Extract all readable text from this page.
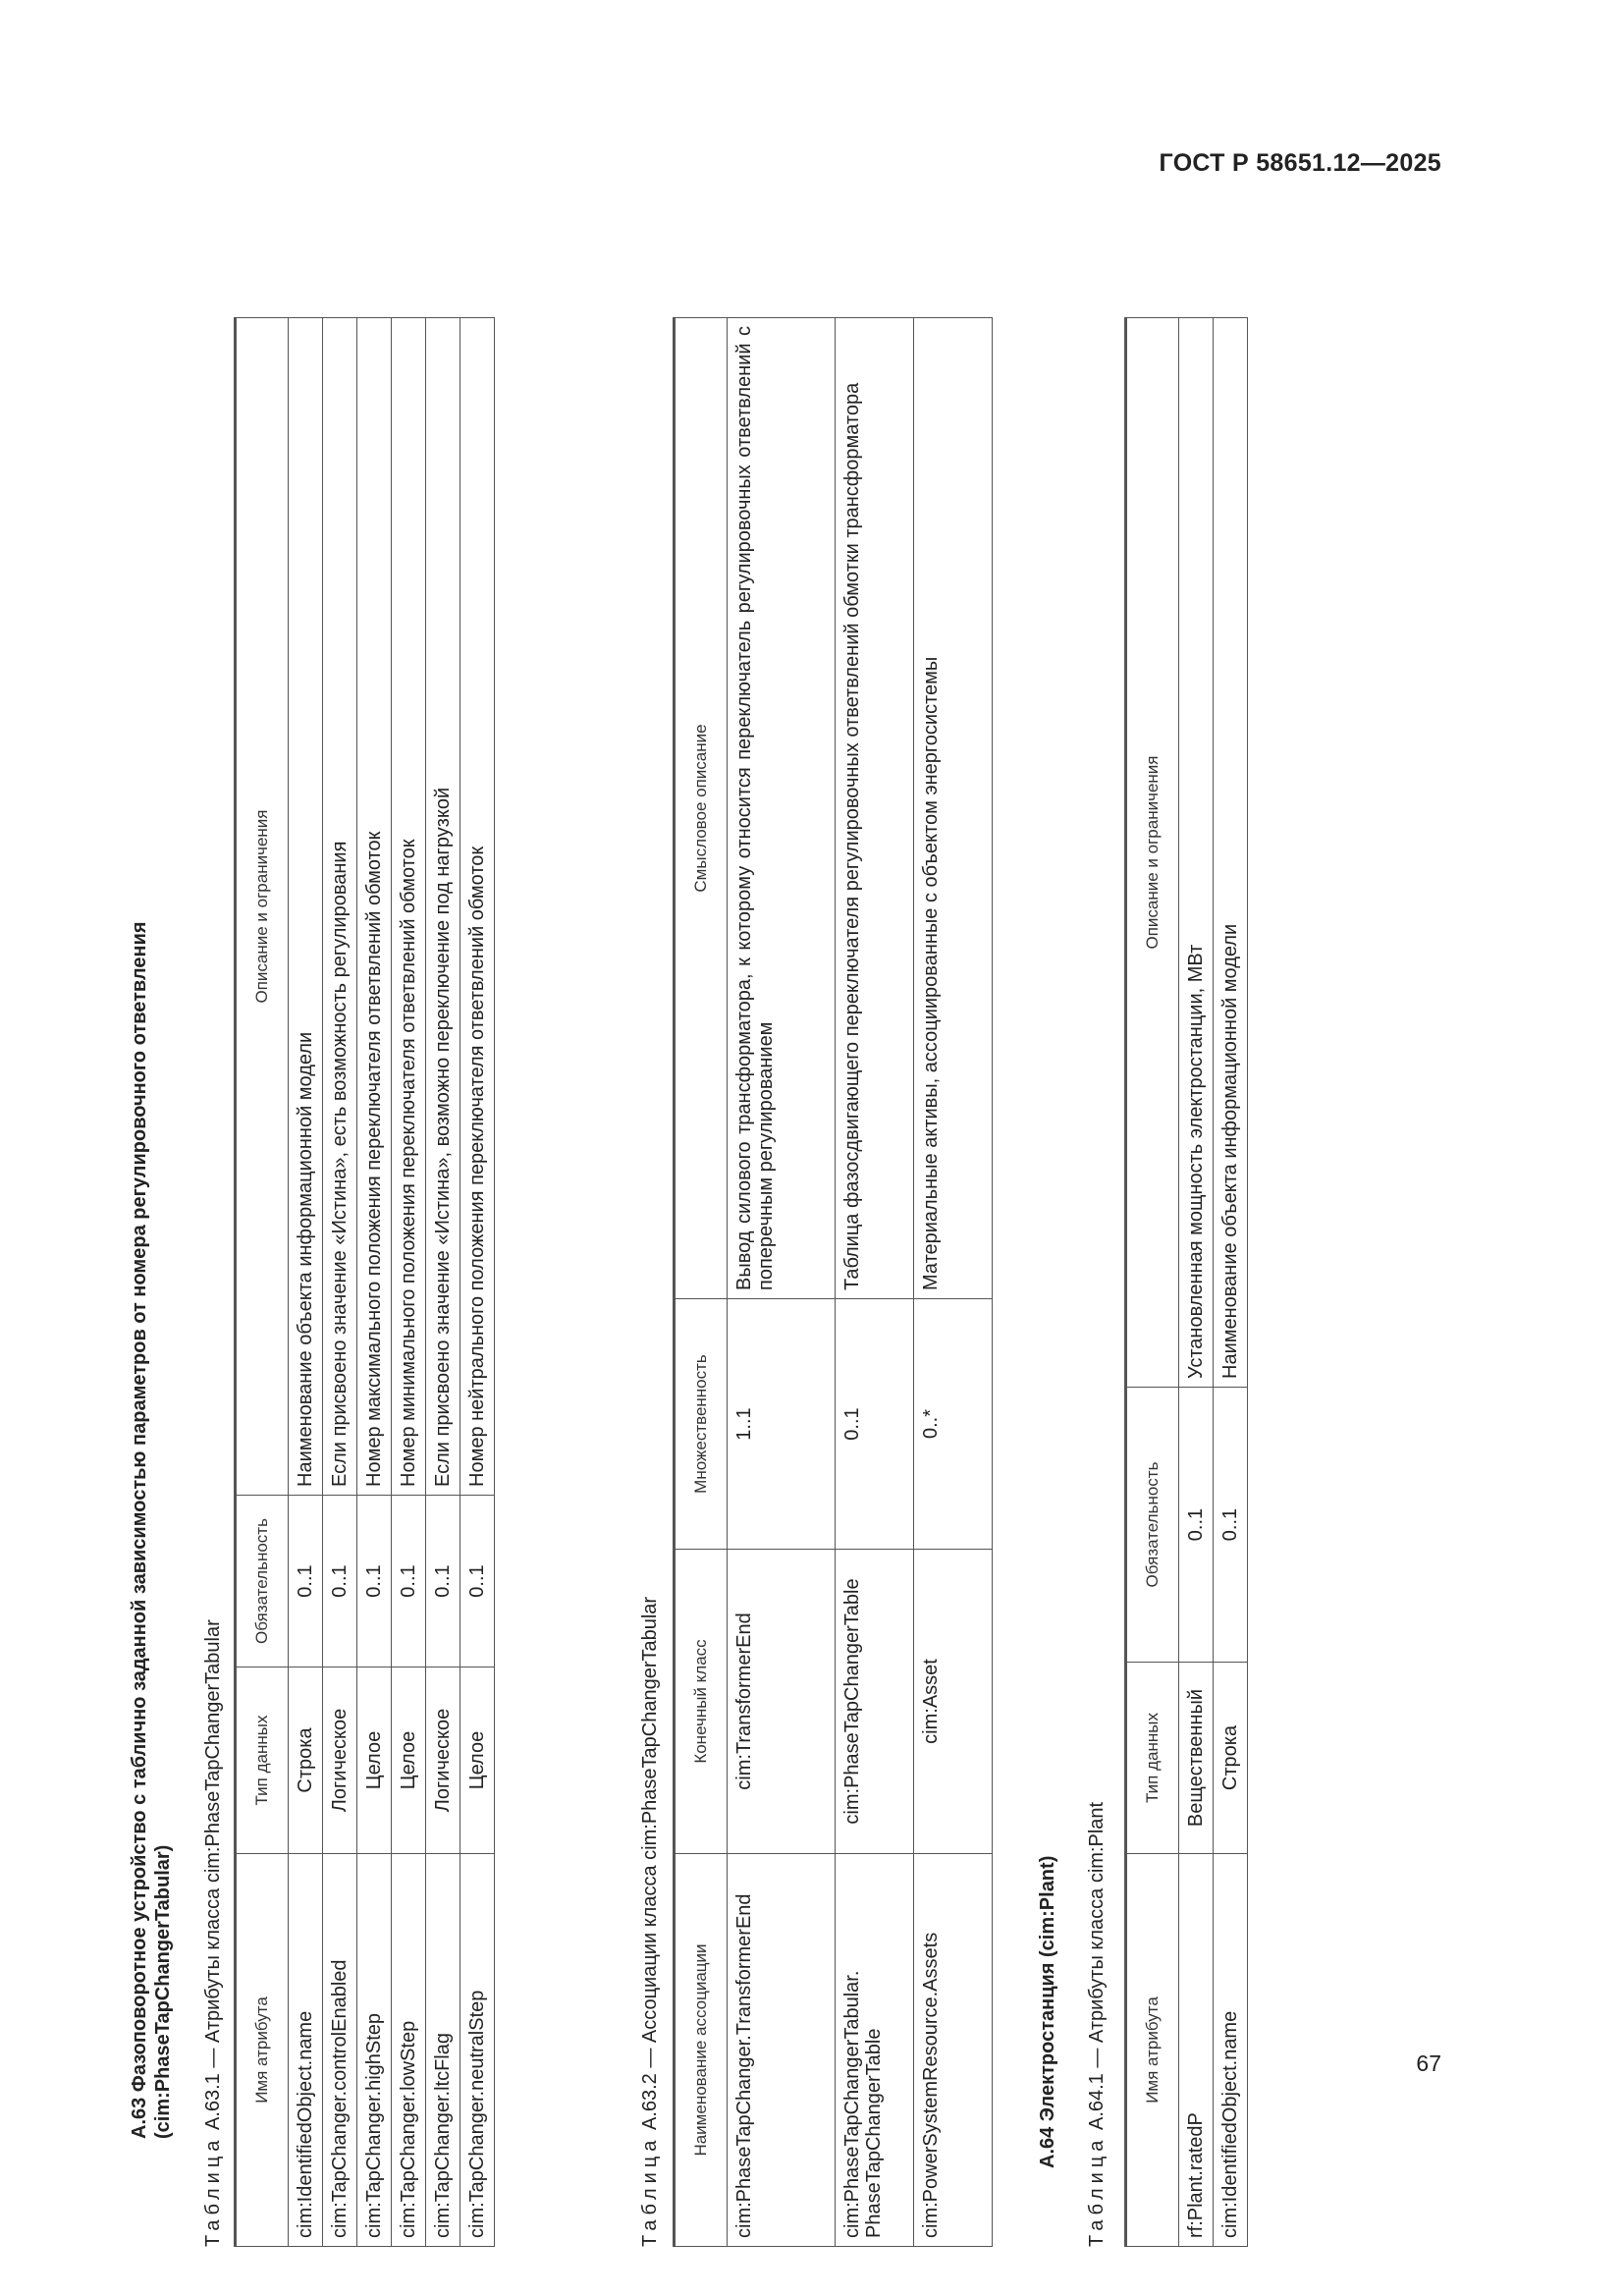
ГОСТ Р 58651.12—2025
А.63 Фазоповоротное устройство с таблично заданной зависимостью параметров от номера регулировочного ответвления (cim:PhaseTapChangerTabular)
Таблица А.63.1 — Атрибуты класса cim:PhaseTapChangerTabular Имя атрибута	Тип данных	Обязательность	Описание и ограничения
cim:IdentifiedObject.name	Строка	0..1	Наименование объекта информационной модели
cim:TapChanger.controlEnabled	Логическое	0..1	Если присвоено значение «Истина», есть возможность регулирования
cim:TapChanger.highStep	Целое	0..1	Номер максимального положения переключателя ответвлений обмоток
cim:TapChanger.lowStep	Целое	0..1	Номер минимального положения переключателя ответвлений обмоток
cim:TapChanger.ltcFlag	Логическое	0..1	Если присвоено значение «Истина», возможно переключение под нагрузкой
cim:TapChanger.neutralStep	Целое	0..1	Номер нейтрального положения переключателя ответвлений обмоток
Таблица А.63.2 — Ассоциации класса cim:PhaseTapChangerTabular Наименование ассоциации	Конечный класс	Множественность	Смысловое описание
cim:PhaseTapChanger.TransformerEnd	cim:TransformerEnd	1..1	Вывод силового трансформатора, к которому относится переключатель регулировочных ответвлений с поперечным регулированием
cim:PhaseTapChangerTabular. PhaseTapChangerTable	cim:PhaseTapChangerTable	0..1	Таблица фазосдвигающего переключателя регулировочных ответвлений обмотки трансформатора
cim:PowerSystemResource.Assets	cim:Asset	0..*	Материальные активы, ассоциированные с объектом энергосистемы
А.64 Электростанция (cim:Plant)
Таблица А.64.1 — Атрибуты класса cim:Plant Имя атрибута	Тип данных	Обязательность	Описание и ограничения
rf:Plant.ratedP	Вещественный	0..1	Установленная мощность электростанции, МВт
cim:IdentifiedObject.name	Строка	0..1	Наименование объекта информационной модели
67
